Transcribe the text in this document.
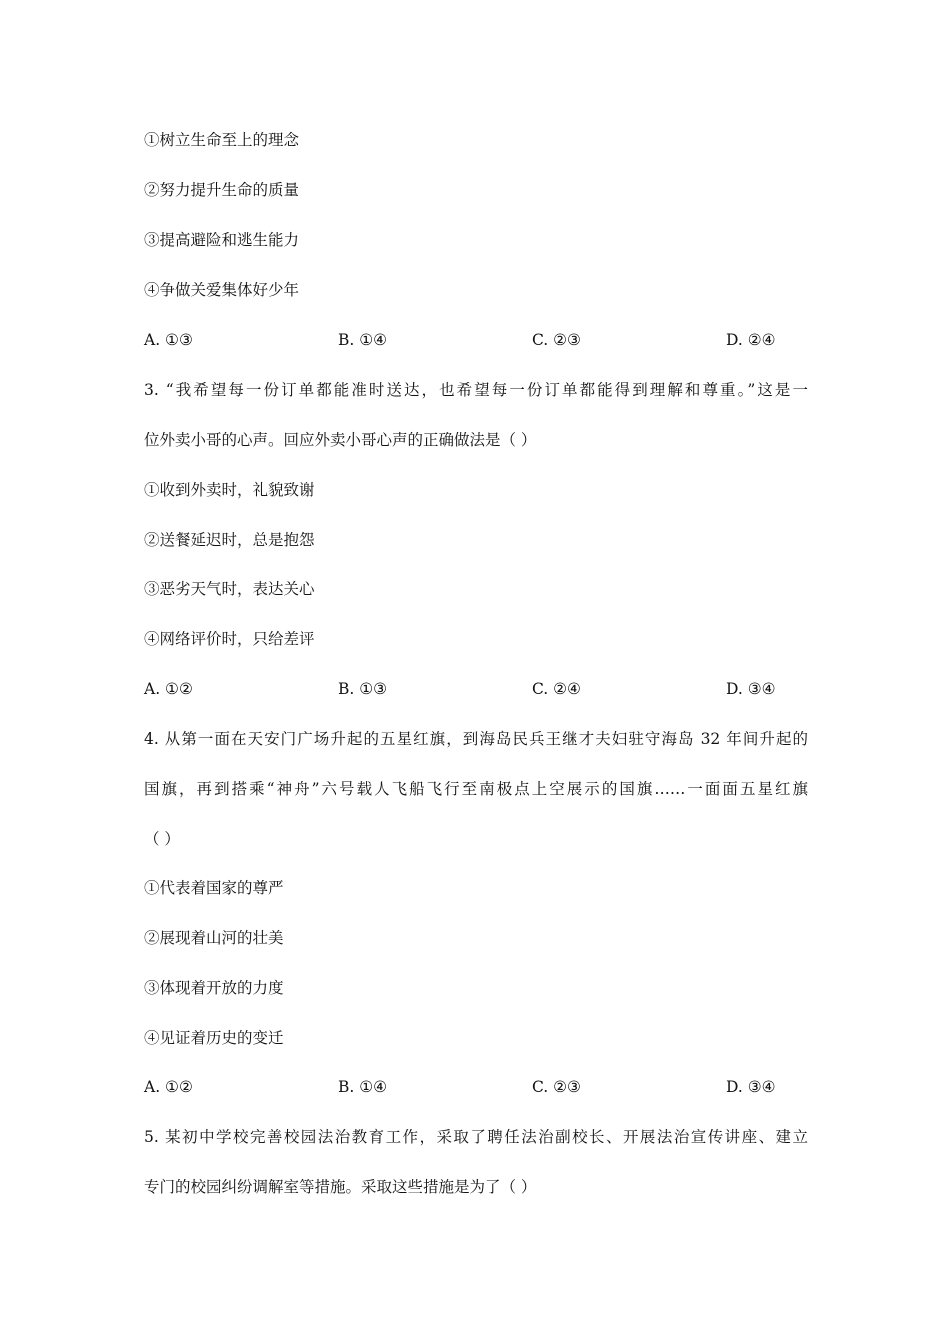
①树立生命至上的理念
②努力提升生命的质量
③提高避险和逃生能力
④争做关爱集体好少年
A. ①③	B. ①④	C. ②③	D. ②④
3. “我希望每一份订单都能准时送达，也希望每一份订单都能得到理解和尊重。”这是一
位外卖小哥的心声。回应外卖小哥心声的正确做法是（ ）
①收到外卖时，礼貌致谢
②送餐延迟时，总是抱怨
③恶劣天气时，表达关心
④网络评价时，只给差评
A. ①②	B. ①③	C. ②④	D. ③④
4. 从第一面在天安门广场升起的五星红旗，到海岛民兵王继才夫妇驻守海岛 32 年间升起的
国旗，再到搭乘“神舟”六号载人飞船飞行至南极点上空展示的国旗……一面面五星红旗
（ ）
①代表着国家的尊严
②展现着山河的壮美
③体现着开放的力度
④见证着历史的变迁
A. ①②	B. ①④	C. ②③	D. ③④
5. 某初中学校完善校园法治教育工作，采取了聘任法治副校长、开展法治宣传讲座、建立
专门的校园纠纷调解室等措施。采取这些措施是为了（ ）
